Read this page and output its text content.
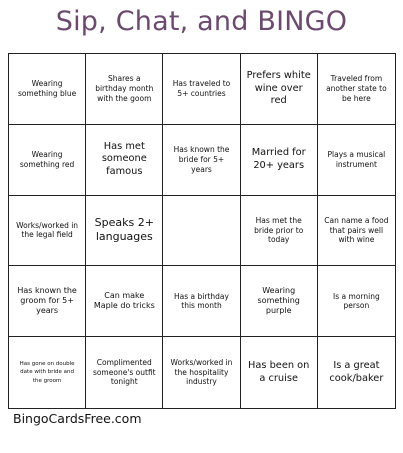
Sip, Chat, and BINGO
Wearing something blue
Shares a birthday month with the goom
Has traveled to 5+ countries
Prefers white wine over red
Traveled from another state to be here
Wearing something red
Has met someone famous
Has known the bride for 5+ years
Married for 20+ years
Plays a musical instrument
Works/worked in the legal field
Speaks 2+ languages
Has met the bride prior to today
Can name a food that pairs well with wine
Has known the groom for 5+ years
Can make Maple do tricks
Has a birthday this month
Wearing something purple
Is a morning person
Has gone on double date with bride and the groom
Complimented someone's outfit tonight
Works/worked in the hospitality industry
Has been on a cruise
Is a great cook/baker
BingoCardsFree.com
